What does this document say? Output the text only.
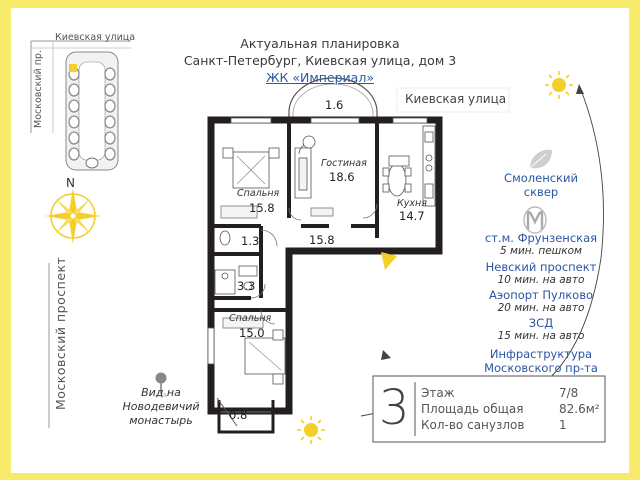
Актуальная планировка
Санкт-Петербург, Киевская улица, дом 3
ЖК «Империал»
Киевская улица
Московский пр.
N
Московский проспект
Киевская улица
1.6
Гостиная
18.6
Кухня
14.7
Спальня
15.8
1.3	15.8
3.3
Спальня
15.0
0.8
Вид на
Новодевичий
монастырь
Смоленский
сквер
ст.м. Фрунзенская
5 мин. пешком
Невский проспект
10 мин. на авто
Аэопорт Пулково
20 мин. на авто
ЗСД
15 мин. на авто
Инфраструктура
Московского пр-та
3 Этаж	7/8
Площадь общая	82.6м²
Кол-во санузлов	1
